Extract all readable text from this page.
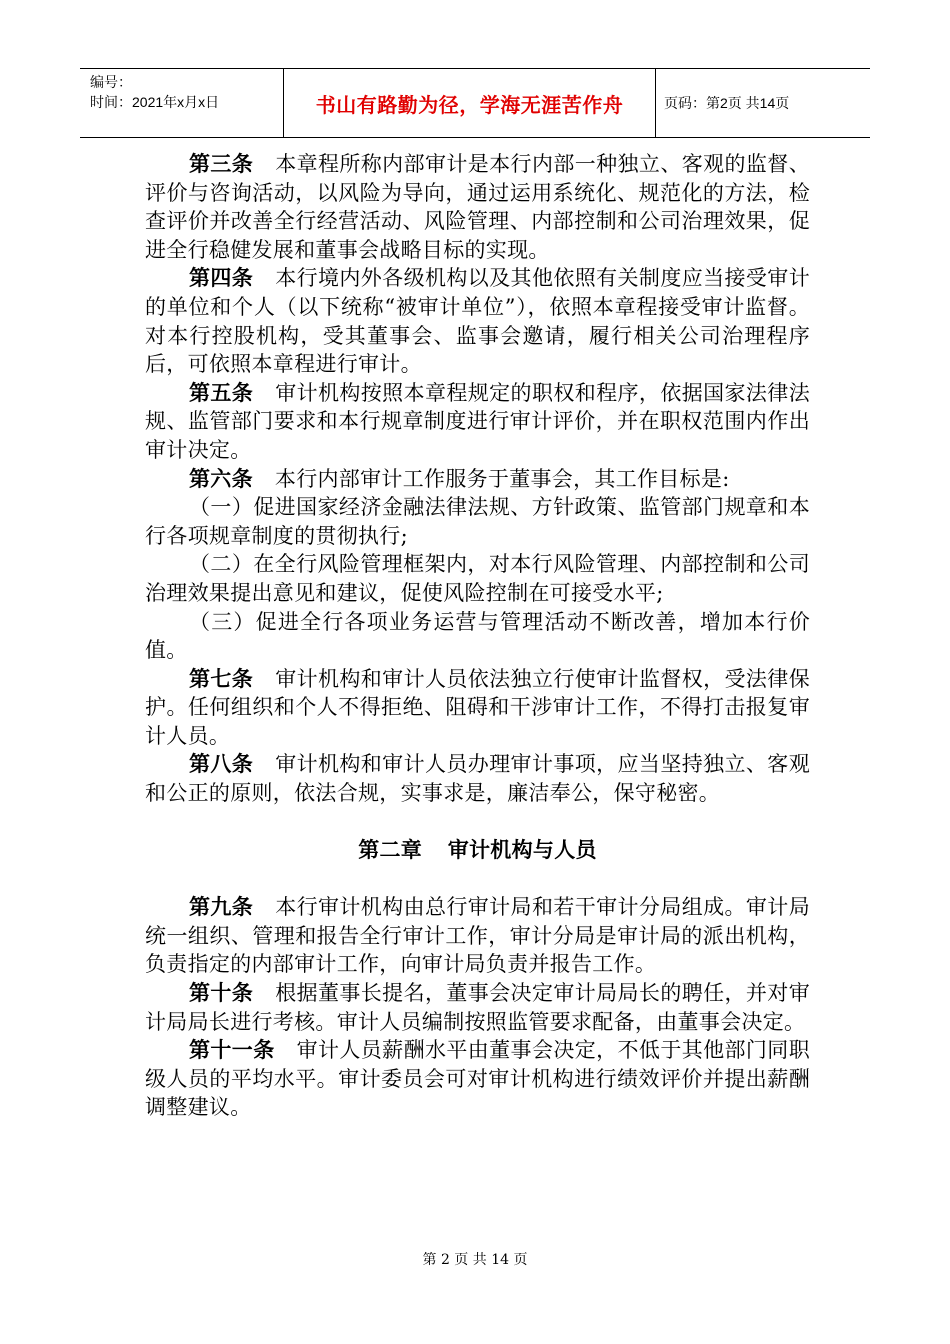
编号：
时间：2021年x月x日	书山有路勤为径，学海无涯苦作舟	页码：第2页 共14页

第三条 本章程所称内部审计是本行内部一种独立、客观的监督、评价与咨询活动，以风险为导向，通过运用系统化、规范化的方法，检查评价并改善全行经营活动、风险管理、内部控制和公司治理效果，促进全行稳健发展和董事会战略目标的实现。

第四条 本行境内外各级机构以及其他依照有关制度应当接受审计的单位和个人（以下统称“被审计单位”），依照本章程接受审计监督。对本行控股机构，受其董事会、监事会邀请，履行相关公司治理程序后，可依照本章程进行审计。

第五条 审计机构按照本章程规定的职权和程序，依据国家法律法规、监管部门要求和本行规章制度进行审计评价，并在职权范围内作出审计决定。

第六条 本行内部审计工作服务于董事会，其工作目标是:

（一）促进国家经济金融法律法规、方针政策、监管部门规章和本行各项规章制度的贯彻执行;

（二）在全行风险管理框架内，对本行风险管理、内部控制和公司治理效果提出意见和建议，促使风险控制在可接受水平;

（三）促进全行各项业务运营与管理活动不断改善，增加本行价值。

第七条 审计机构和审计人员依法独立行使审计监督权，受法律保护。任何组织和个人不得拒绝、阻碍和干涉审计工作，不得打击报复审计人员。

第八条 审计机构和审计人员办理审计事项，应当坚持独立、客观和公正的原则，依法合规，实事求是，廉洁奉公，保守秘密。

第二章 审计机构与人员

第九条 本行审计机构由总行审计局和若干审计分局组成。审计局统一组织、管理和报告全行审计工作，审计分局是审计局的派出机构，负责指定的内部审计工作，向审计局负责并报告工作。

第十条 根据董事长提名，董事会决定审计局局长的聘任，并对审计局局长进行考核。审计人员编制按照监管要求配备，由董事会决定。

第十一条 审计人员薪酬水平由董事会决定，不低于其他部门同职级人员的平均水平。审计委员会可对审计机构进行绩效评价并提出薪酬调整建议。

第 2 页 共 14 页
